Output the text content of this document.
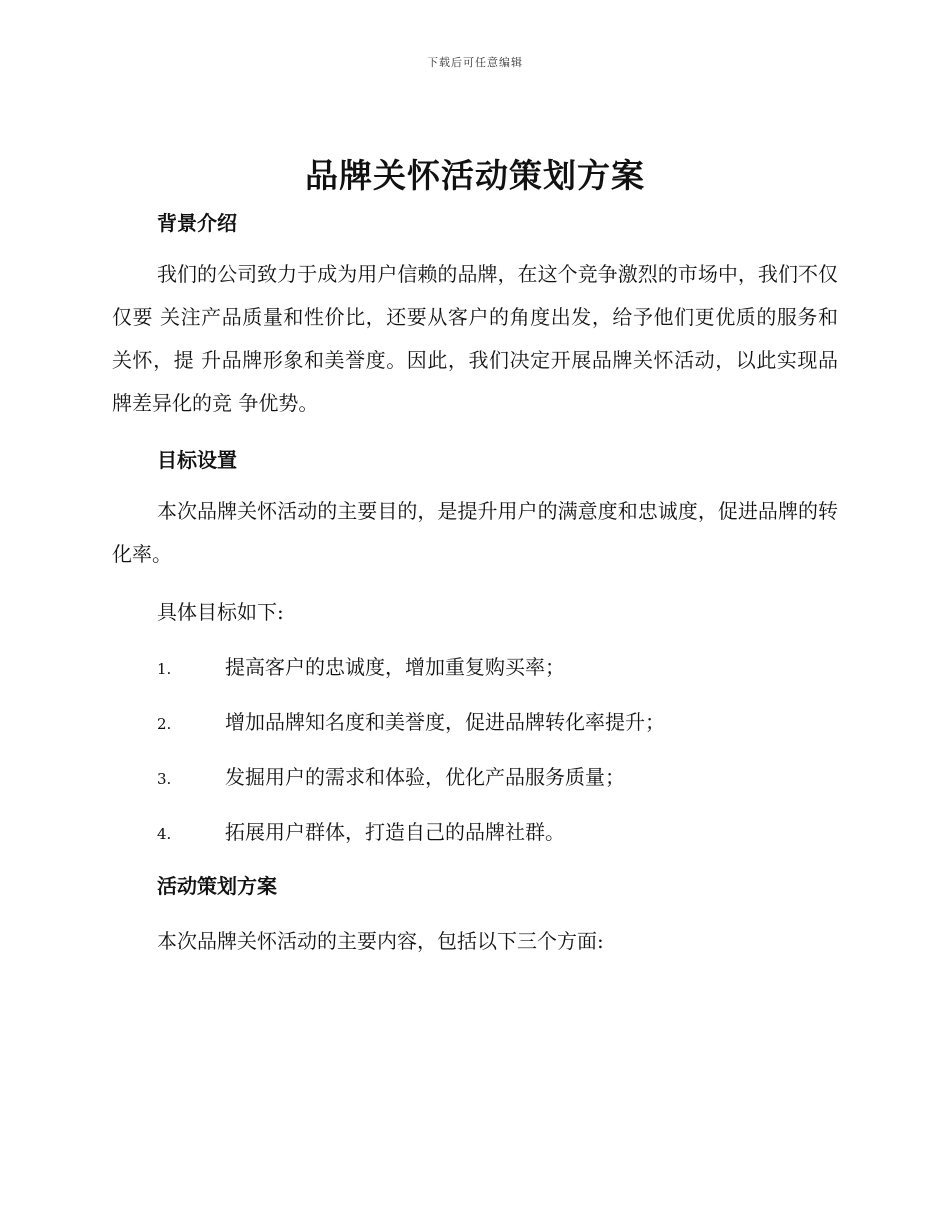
下载后可任意编辑
品牌关怀活动策划方案
背景介绍

我们的公司致力于成为用户信赖的品牌，在这个竞争激烈的市场中，我们不仅仅要 关注产品质量和性价比，还要从客户的角度出发，给予他们更优质的服务和关怀，提 升品牌形象和美誉度。因此，我们决定开展品牌关怀活动，以此实现品牌差异化的竞 争优势。

目标设置

本次品牌关怀活动的主要目的，是提升用户的满意度和忠诚度，促进品牌的转化率。

具体目标如下:

1.	提高客户的忠诚度，增加重复购买率；
2.	增加品牌知名度和美誉度，促进品牌转化率提升；
3.	发掘用户的需求和体验，优化产品服务质量；
4.	拓展用户群体，打造自己的品牌社群。
活动策划方案

本次品牌关怀活动的主要内容，包括以下三个方面:
